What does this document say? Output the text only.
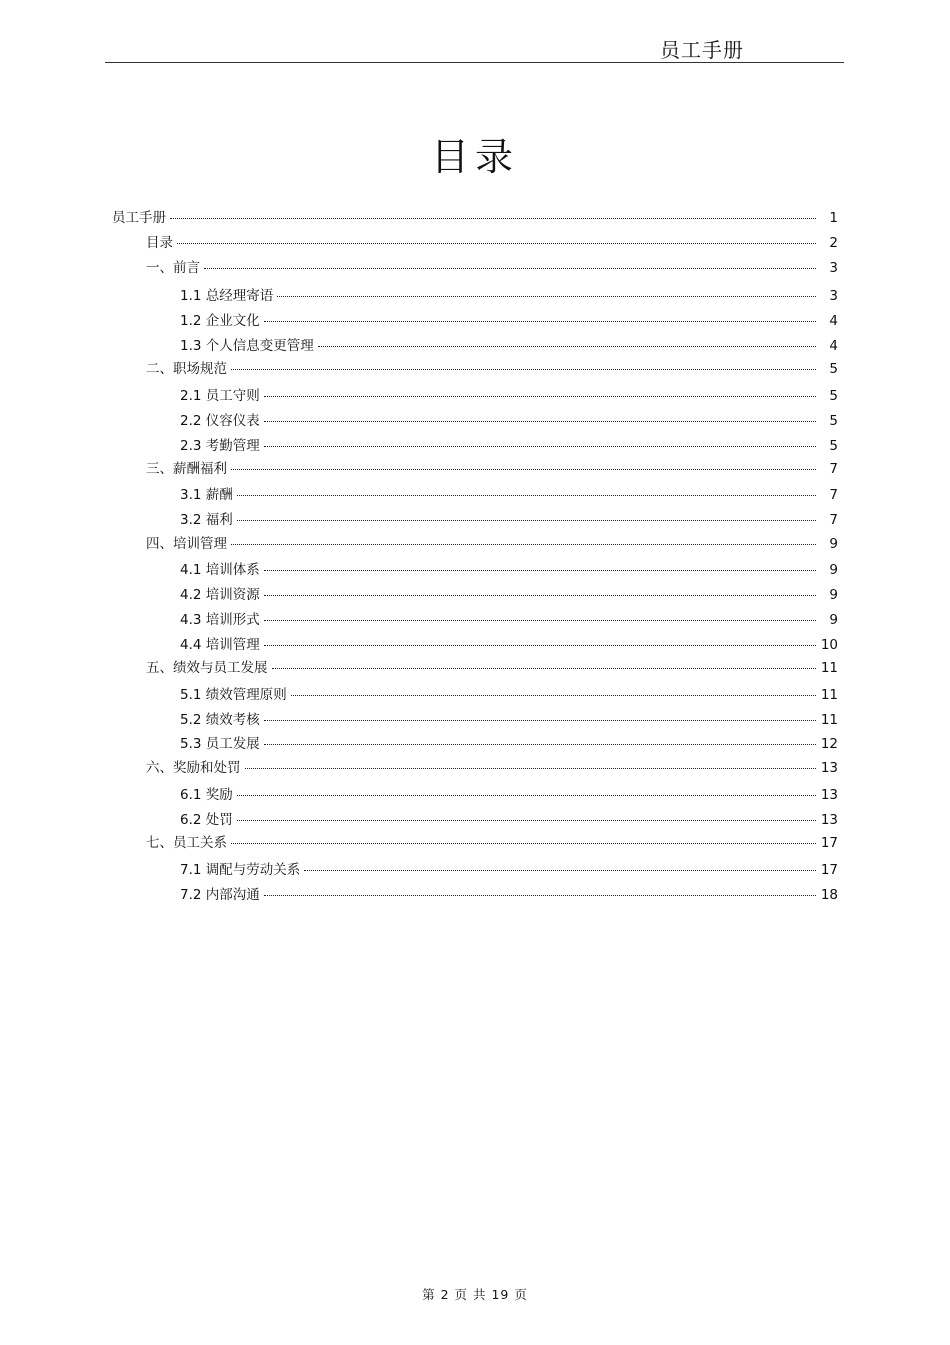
员工手册
目录
员工手册	1
目录	2
一、前言	3
1.1 总经理寄语	3
1.2 企业文化	4
1.3 个人信息变更管理	4
二、职场规范	5
2.1 员工守则	5
2.2 仪容仪表	5
2.3 考勤管理	5
三、薪酬福利	7
3.1 薪酬	7
3.2 福利	7
四、培训管理	9
4.1 培训体系	9
4.2 培训资源	9
4.3 培训形式	9
4.4 培训管理	10
五、绩效与员工发展	11
5.1 绩效管理原则	11
5.2 绩效考核	11
5.3 员工发展	12
六、奖励和处罚	13
6.1 奖励	13
6.2 处罚	13
七、员工关系	17
7.1 调配与劳动关系	17
7.2 内部沟通	18
第 2 页 共 19 页
